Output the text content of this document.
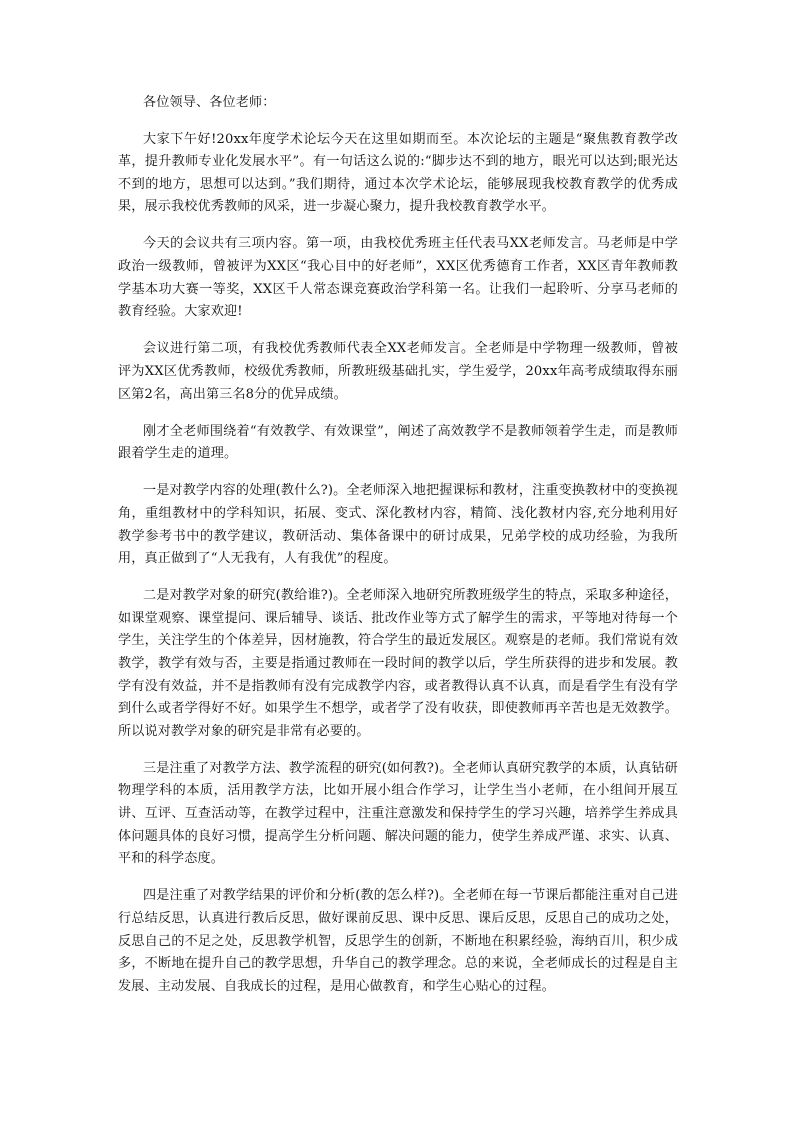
各位领导、各位老师：

大家下午好!20xx年度学术论坛今天在这里如期而至。本次论坛的主题是“聚焦教育教学改革，提升教师专业化发展水平”。有一句话这么说的:“脚步达不到的地方，眼光可以达到;眼光达不到的地方，思想可以达到。”我们期待，通过本次学术论坛，能够展现我校教育教学的优秀成果，展示我校优秀教师的风采，进一步凝心聚力，提升我校教育教学水平。

今天的会议共有三项内容。第一项，由我校优秀班主任代表马XX老师发言。马老师是中学政治一级教师，曾被评为XX区“我心目中的好老师”，XX区优秀德育工作者，XX区青年教师教学基本功大赛一等奖，XX区千人常态课竞赛政治学科第一名。让我们一起聆听、分享马老师的教育经验。大家欢迎!

会议进行第二项，有我校优秀教师代表全XX老师发言。全老师是中学物理一级教师，曾被评为XX区优秀教师，校级优秀教师，所教班级基础扎实，学生爱学，20xx年高考成绩取得东丽区第2名，高出第三名8分的优异成绩。

刚才全老师围绕着“有效教学、有效课堂”，阐述了高效教学不是教师领着学生走，而是教师跟着学生走的道理。

一是对教学内容的处理(教什么?)。全老师深入地把握课标和教材，注重变换教材中的变换视角，重组教材中的学科知识，拓展、变式、深化教材内容，精简、浅化教材内容,充分地利用好教学参考书中的教学建议，教研活动、集体备课中的研讨成果，兄弟学校的成功经验，为我所用，真正做到了“人无我有，人有我优”的程度。

二是对教学对象的研究(教给谁?)。全老师深入地研究所教班级学生的特点，采取多种途径，如课堂观察、课堂提问、课后辅导、谈话、批改作业等方式了解学生的需求，平等地对待每一个学生，关注学生的个体差异，因材施教，符合学生的最近发展区。观察是的老师。我们常说有效教学，教学有效与否，主要是指通过教师在一段时间的教学以后，学生所获得的进步和发展。教学有没有效益，并不是指教师有没有完成教学内容，或者教得认真不认真，而是看学生有没有学到什么或者学得好不好。如果学生不想学，或者学了没有收获，即使教师再辛苦也是无效教学。所以说对教学对象的研究是非常有必要的。

三是注重了对教学方法、教学流程的研究(如何教?)。全老师认真研究教学的本质，认真钻研物理学科的本质，活用教学方法，比如开展小组合作学习，让学生当小老师，在小组间开展互讲、互评、互查活动等，在教学过程中，注重注意激发和保持学生的学习兴趣，培养学生养成具体问题具体的良好习惯，提高学生分析问题、解决问题的能力，使学生养成严谨、求实、认真、平和的科学态度。

四是注重了对教学结果的评价和分析(教的怎么样?)。全老师在每一节课后都能注重对自己进行总结反思，认真进行教后反思，做好课前反思、课中反思、课后反思，反思自己的成功之处，反思自己的不足之处，反思教学机智，反思学生的创新，不断地在积累经验，海纳百川，积少成多，不断地在提升自己的教学思想，升华自己的教学理念。总的来说，全老师成长的过程是自主发展、主动发展、自我成长的过程，是用心做教育，和学生心贴心的过程。
